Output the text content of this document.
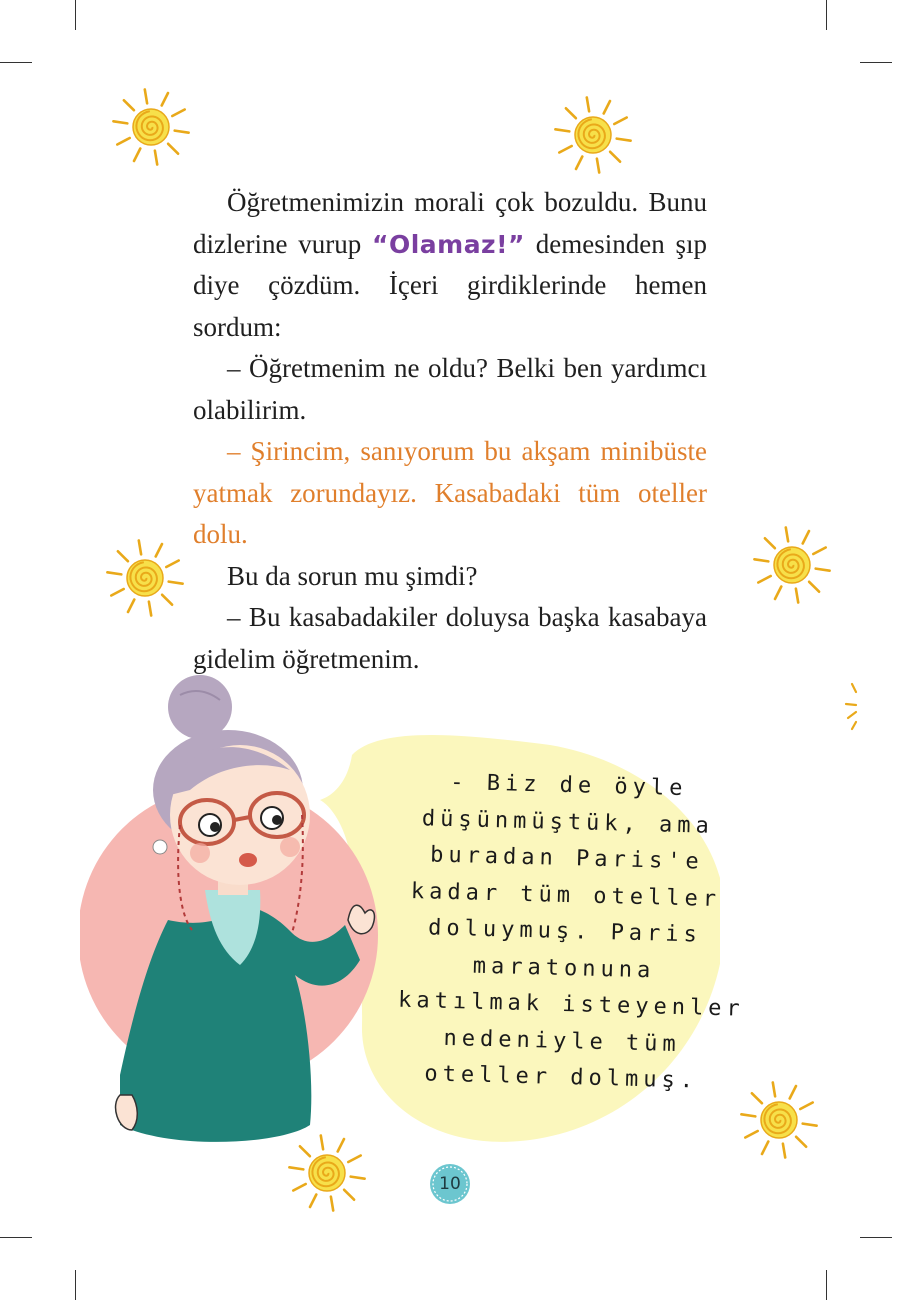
Öğretmenimizin morali çok bozuldu. Bunu dizlerine vurup “Olamaz!” demesinden şıp diye çözdüm. İçeri girdiklerinde hemen sordum:

– Öğretmenim ne oldu? Belki ben yardımcı olabilirim.

– Şirincim, sanıyorum bu akşam minibüste yatmak zorundayız. Kasabadaki tüm oteller dolu.

Bu da sorun mu şimdi?

– Bu kasabadakiler doluysa başka kasabaya gidelim öğretmenim.

- Biz de öyle
düşünmüştük, ama
buradan Paris'e
kadar tüm oteller
doluymuş. Paris
maratonuna
katılmak isteyenler
nedeniyle tüm
oteller dolmuş.
10
